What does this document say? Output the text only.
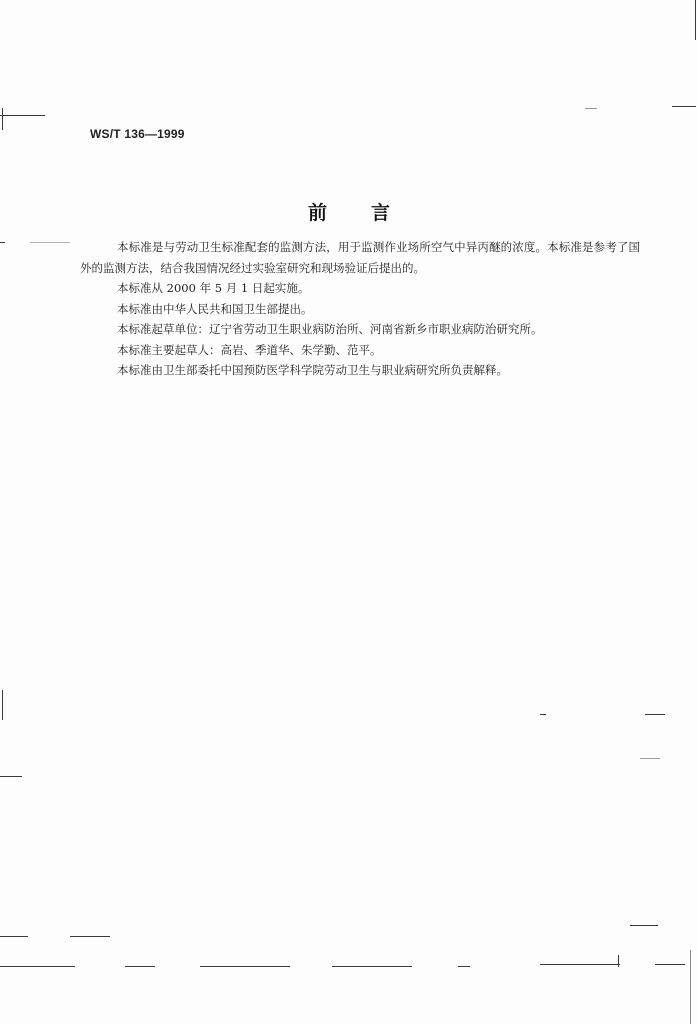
WS/T 136—1999
前言

本标准是与劳动卫生标准配套的监测方法，用于监测作业场所空气中异丙醚的浓度。本标准是参考了国外的监测方法，结合我国情况经过实验室研究和现场验证后提出的。

本标准从 2000 年 5 月 1 日起实施。

本标准由中华人民共和国卫生部提出。

本标准起草单位：辽宁省劳动卫生职业病防治所、河南省新乡市职业病防治研究所。

本标准主要起草人：高岩、季道华、朱学勤、范平。

本标准由卫生部委托中国预防医学科学院劳动卫生与职业病研究所负责解释。
